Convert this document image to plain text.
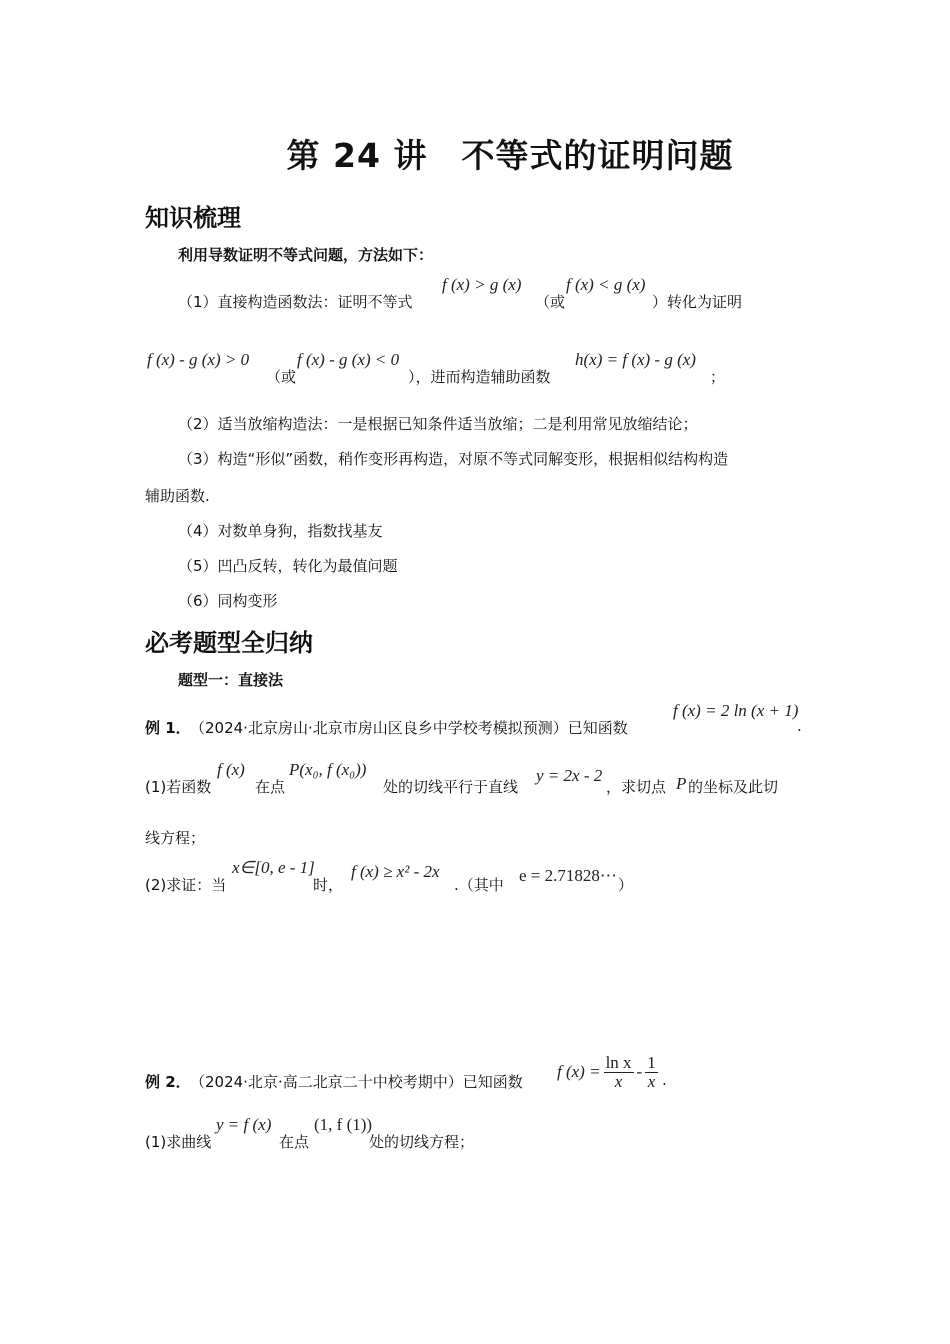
第 24 讲　不等式的证明问题
知识梳理
利用导数证明不等式问题，方法如下：
（1）直接构造函数法：证明不等式
f (x) > g (x)
（或
f (x) < g (x)
）转化为证明
f (x) - g (x) > 0
（或
f (x) - g (x) < 0
），进而构造辅助函数
h(x) = f (x) - g (x)
；
（2）适当放缩构造法：一是根据已知条件适当放缩；二是利用常见放缩结论；
（3）构造“形似”函数，稍作变形再构造，对原不等式同解变形，根据相似结构构造
辅助函数.
（4）对数单身狗，指数找基友
（5）凹凸反转，转化为最值问题
（6）同构变形
必考题型全归纳
题型一：直接法
例 1． （2024·北京房山·北京市房山区良乡中学校考模拟预测）已知函数
f (x) = 2 ln (x + 1)
.
(1)若函数
f (x)
在点
P(x₀, f (x₀))
处的切线平行于直线
y = 2x - 2
，求切点 P 的坐标及此切
线方程；
(2)求证：当
x∈[0, e - 1]
时，
f (x) ≥ x² - 2x
.（其中 e = 2.71828⋯ ）
例 2． （2024·北京·高二北京二十中校考期中）已知函数
f $(x) = \frac{\text{ln x}}{x} - \frac{1}{x}$ .
(1)求曲线
y = f (x)
在点
(1, f (1))
处的切线方程；
